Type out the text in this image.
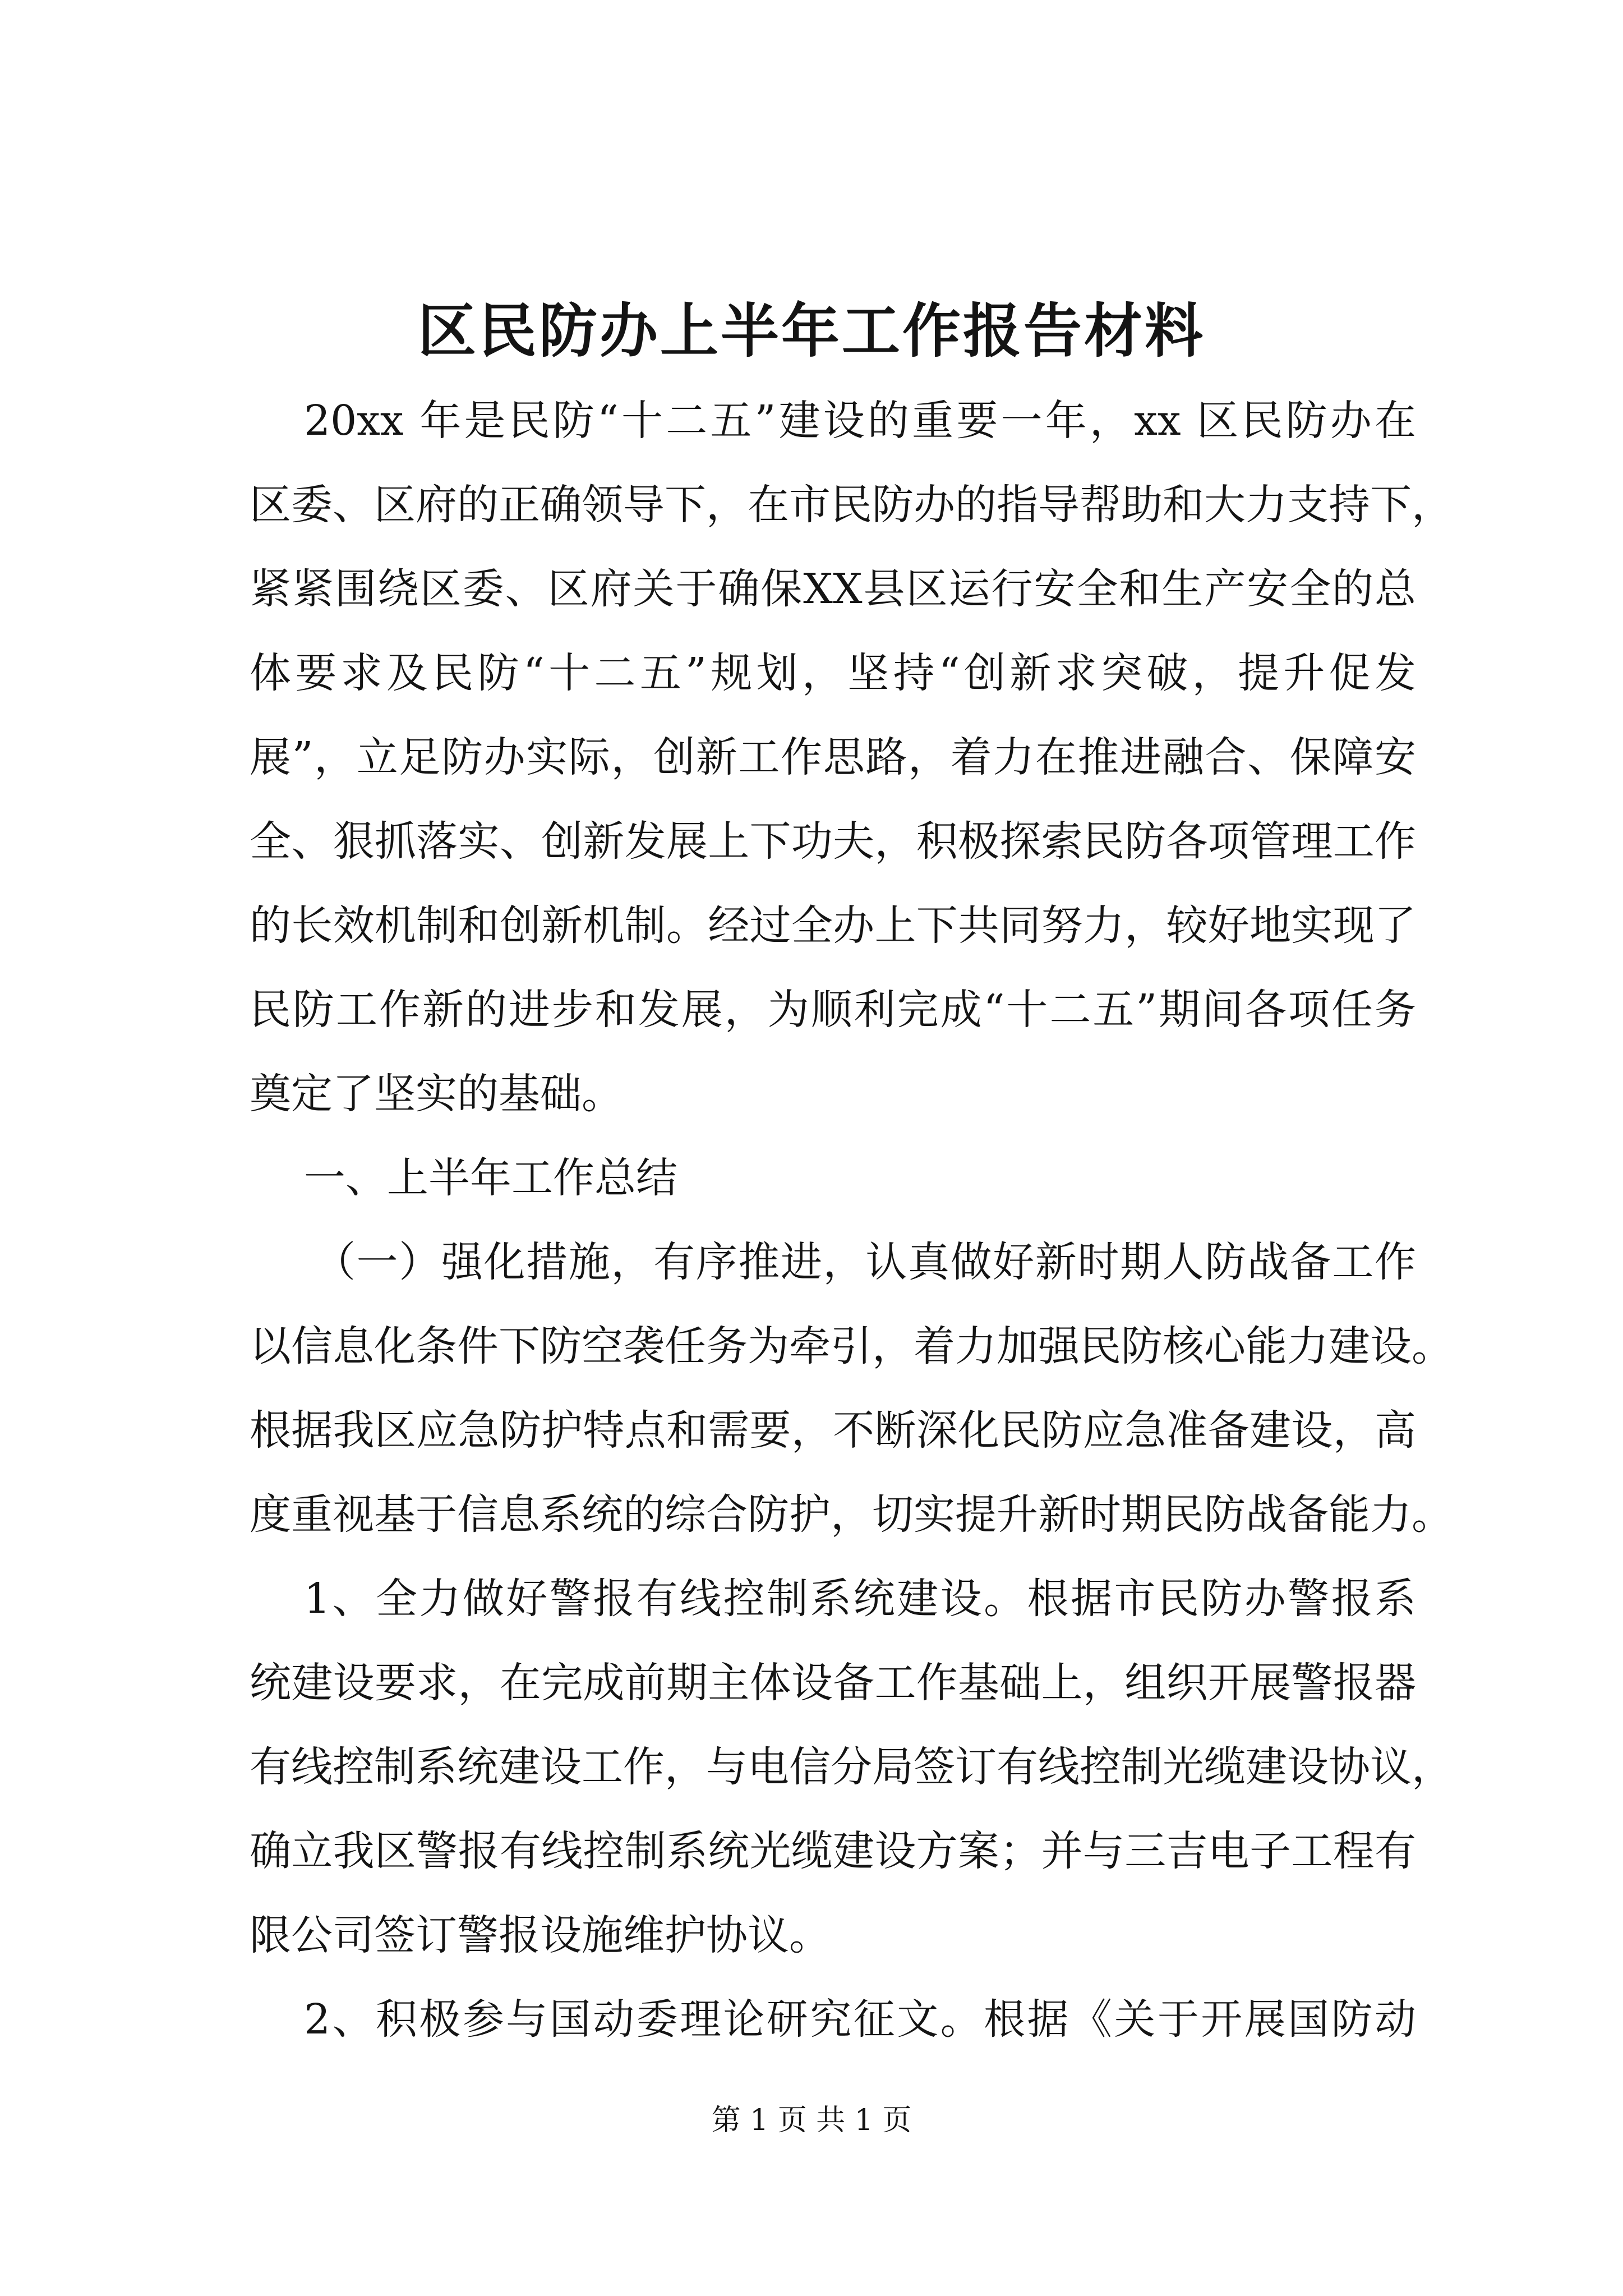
区民防办上半年工作报告材料
20xx 年是民防“十二五”建设的重要一年，xx 区民防办在
区委、区府的正确领导下，在市民防办的指导帮助和大力支持下，
紧紧围绕区委、区府关于确保XX县区运行安全和生产安全的总
体要求及民防“十二五”规划，坚持“创新求突破，提升促发
展”，立足防办实际，创新工作思路，着力在推进融合、保障安
全、狠抓落实、创新发展上下功夫，积极探索民防各项管理工作
的长效机制和创新机制。经过全办上下共同努力，较好地实现了
民防工作新的进步和发展，为顺利完成“十二五”期间各项任务
奠定了坚实的基础。
一、上半年工作总结
（一）强化措施，有序推进，认真做好新时期人防战备工作
以信息化条件下防空袭任务为牵引，着力加强民防核心能力建设。
根据我区应急防护特点和需要，不断深化民防应急准备建设，高
度重视基于信息系统的综合防护，切实提升新时期民防战备能力。
1、全力做好警报有线控制系统建设。根据市民防办警报系
统建设要求，在完成前期主体设备工作基础上，组织开展警报器
有线控制系统建设工作，与电信分局签订有线控制光缆建设协议，
确立我区警报有线控制系统光缆建设方案；并与三吉电子工程有
限公司签订警报设施维护协议。
2、积极参与国动委理论研究征文。根据《关于开展国防动
第 1 页 共 1 页
